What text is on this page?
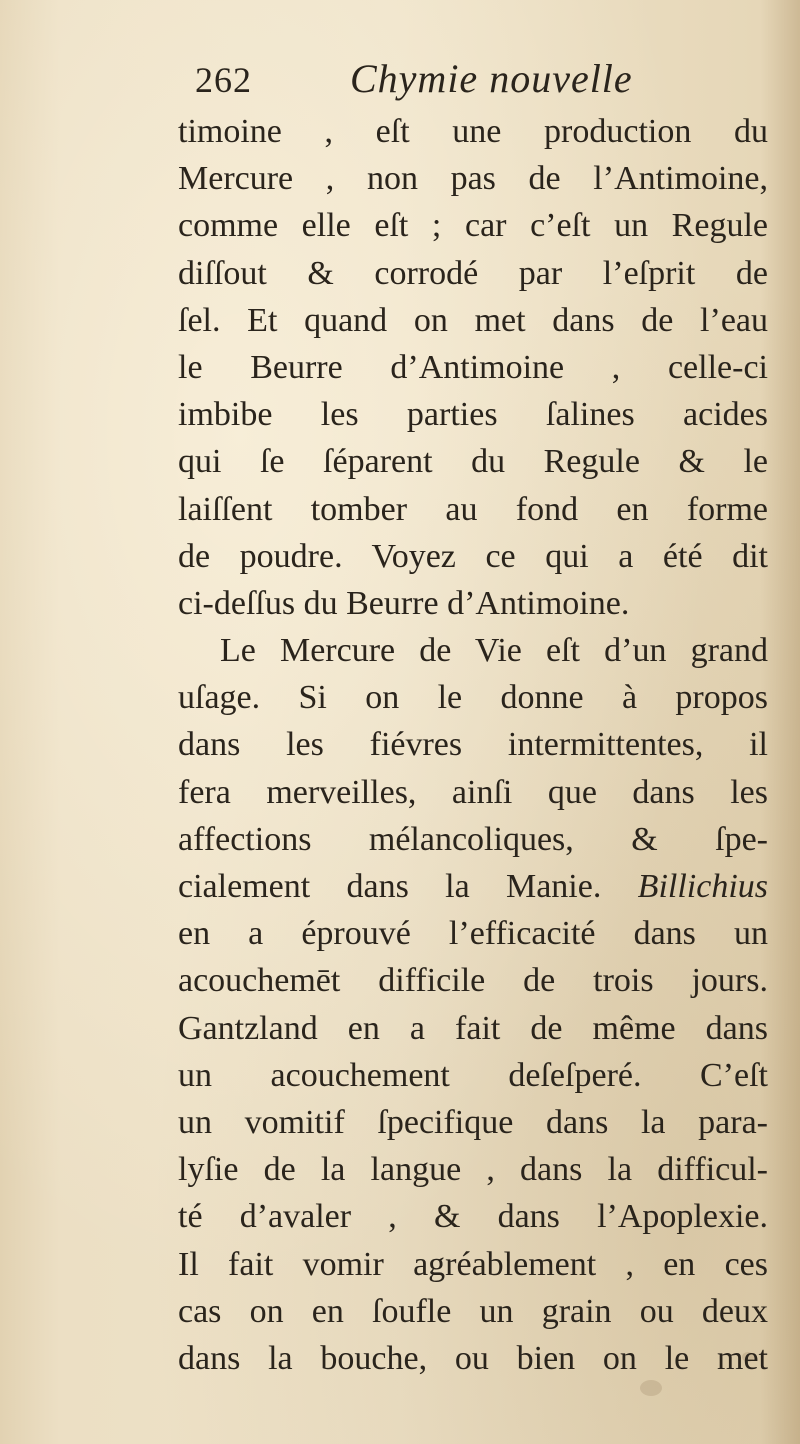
262 Chymie nouvelle
timoine , eſt une production du
Mercure , non pas de l’Antimoine,
comme elle eſt ; car c’eſt un Regule
diſſout & corrodé par l’eſprit de
ſel. Et quand on met dans de l’eau
le Beurre d’Antimoine , celle-ci
imbibe les parties ſalines acides
qui ſe ſéparent du Regule & le
laiſſent tomber au fond en forme
de poudre. Voyez ce qui a été dit
ci-deſſus du Beurre d’Antimoine.
Le Mercure de Vie eſt d’un grand
uſage. Si on le donne à propos
dans les fiévres intermittentes, il
fera merveilles, ainſi que dans les
affections mélancoliques, & ſpe-
cialement dans la Manie. Billichius
en a éprouvé l’efficacité dans un
acouchemēt difficile de trois jours.
Gantzland en a fait de même dans
un acouchement deſeſperé. C’eſt
un vomitif ſpecifique dans la para-
lyſie de la langue , dans la difficul-
té d’avaler , & dans l’Apoplexie.
Il fait vomir agréablement , en ces
cas on en ſoufle un grain ou deux
dans la bouche, ou bien on le met
